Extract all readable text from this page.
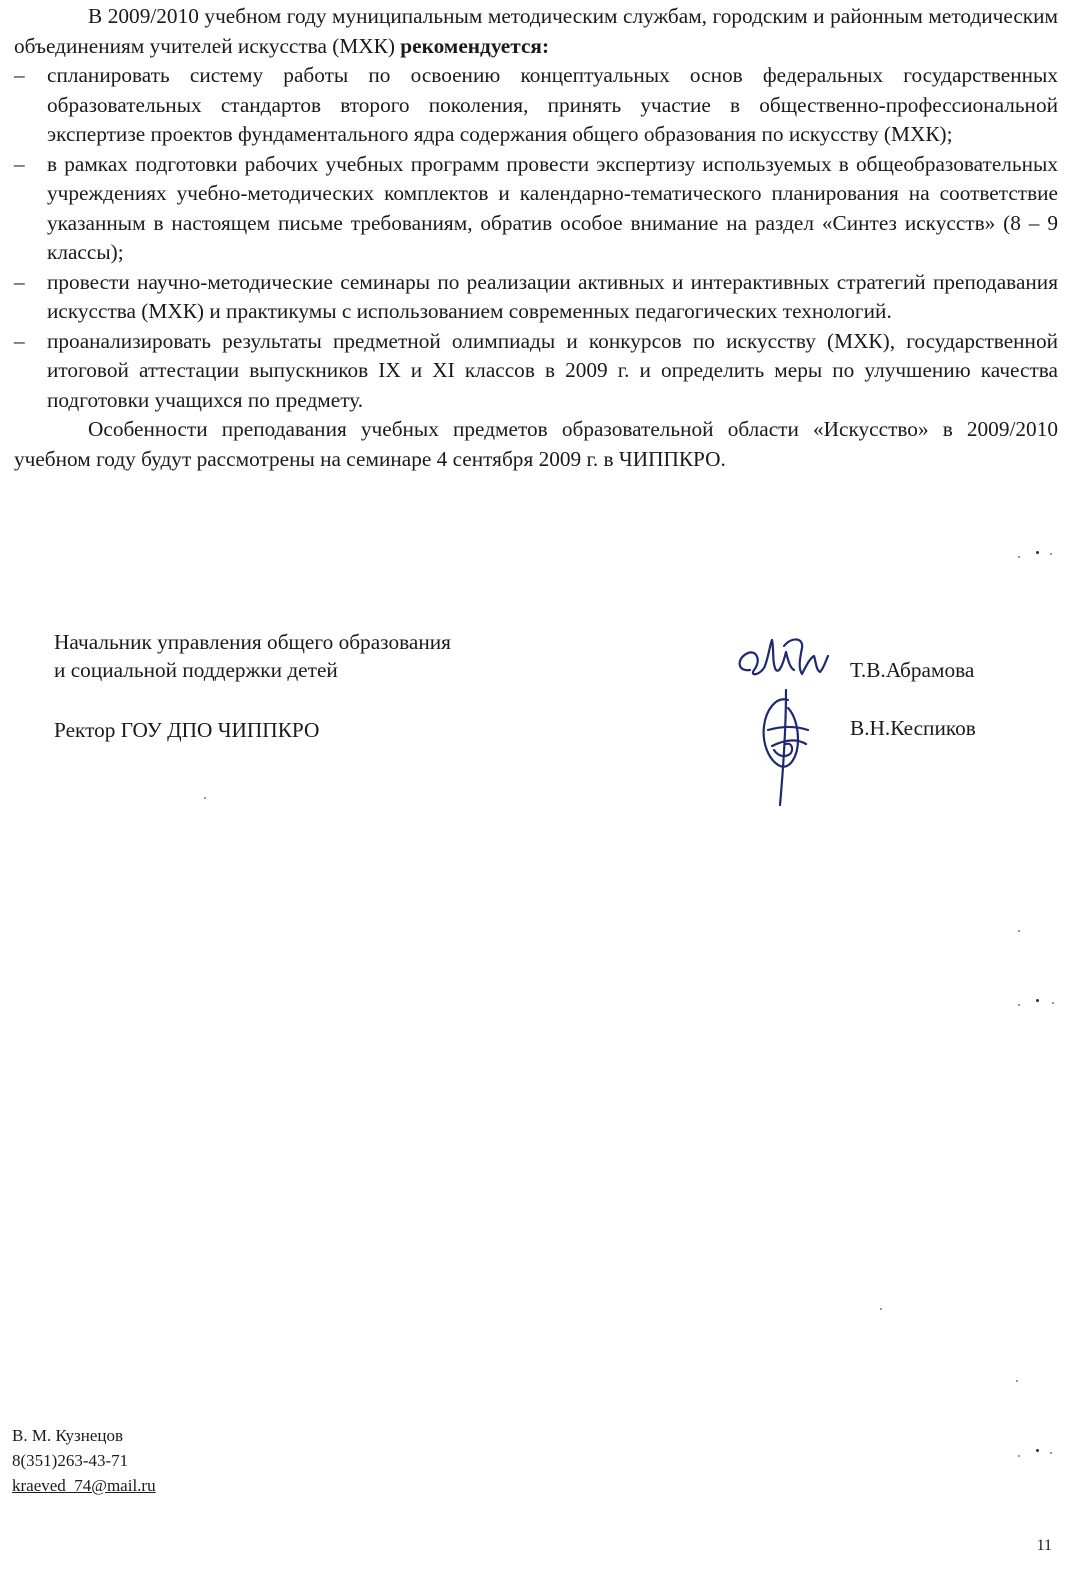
В 2009/2010 учебном году муниципальным методическим службам, городским и районным методическим объединениям учителей искусства (МХК) рекомендуется:

– спланировать систему работы по освоению концептуальных основ федеральных государственных образовательных стандартов второго поколения, принять участие в общественно-профессиональной экспертизе проектов фундаментального ядра содержания общего образования по искусству (МХК);
– в рамках подготовки рабочих учебных программ провести экспертизу используемых в общеобразовательных учреждениях учебно-методических комплектов и календарно-тематического планирования на соответствие указанным в настоящем письме требованиям, обратив особое внимание на раздел «Синтез искусств» (8 – 9 классы);
– провести научно-методические семинары по реализации активных и интерактивных стратегий преподавания искусства (МХК) и практикумы с использованием современных педагогических технологий.
– проанализировать результаты предметной олимпиады и конкурсов по искусству (МХК), государственной итоговой аттестации выпускников IX и XI классов в 2009 г. и определить меры по улучшению качества подготовки учащихся по предмету.

Особенности преподавания учебных предметов образовательной области «Искусство» в 2009/2010 учебном году будут рассмотрены на семинаре 4 сентября 2009 г. в ЧИППКРО.

Начальник управления общего образования
и социальной поддержки детей	Т.В.Абрамова
Ректор ГОУ ДПО ЧИППКРО	В.Н.Кеспиков
В. М. Кузнецов
8(351)263-43-71
kraeved_74@mail.ru
11
